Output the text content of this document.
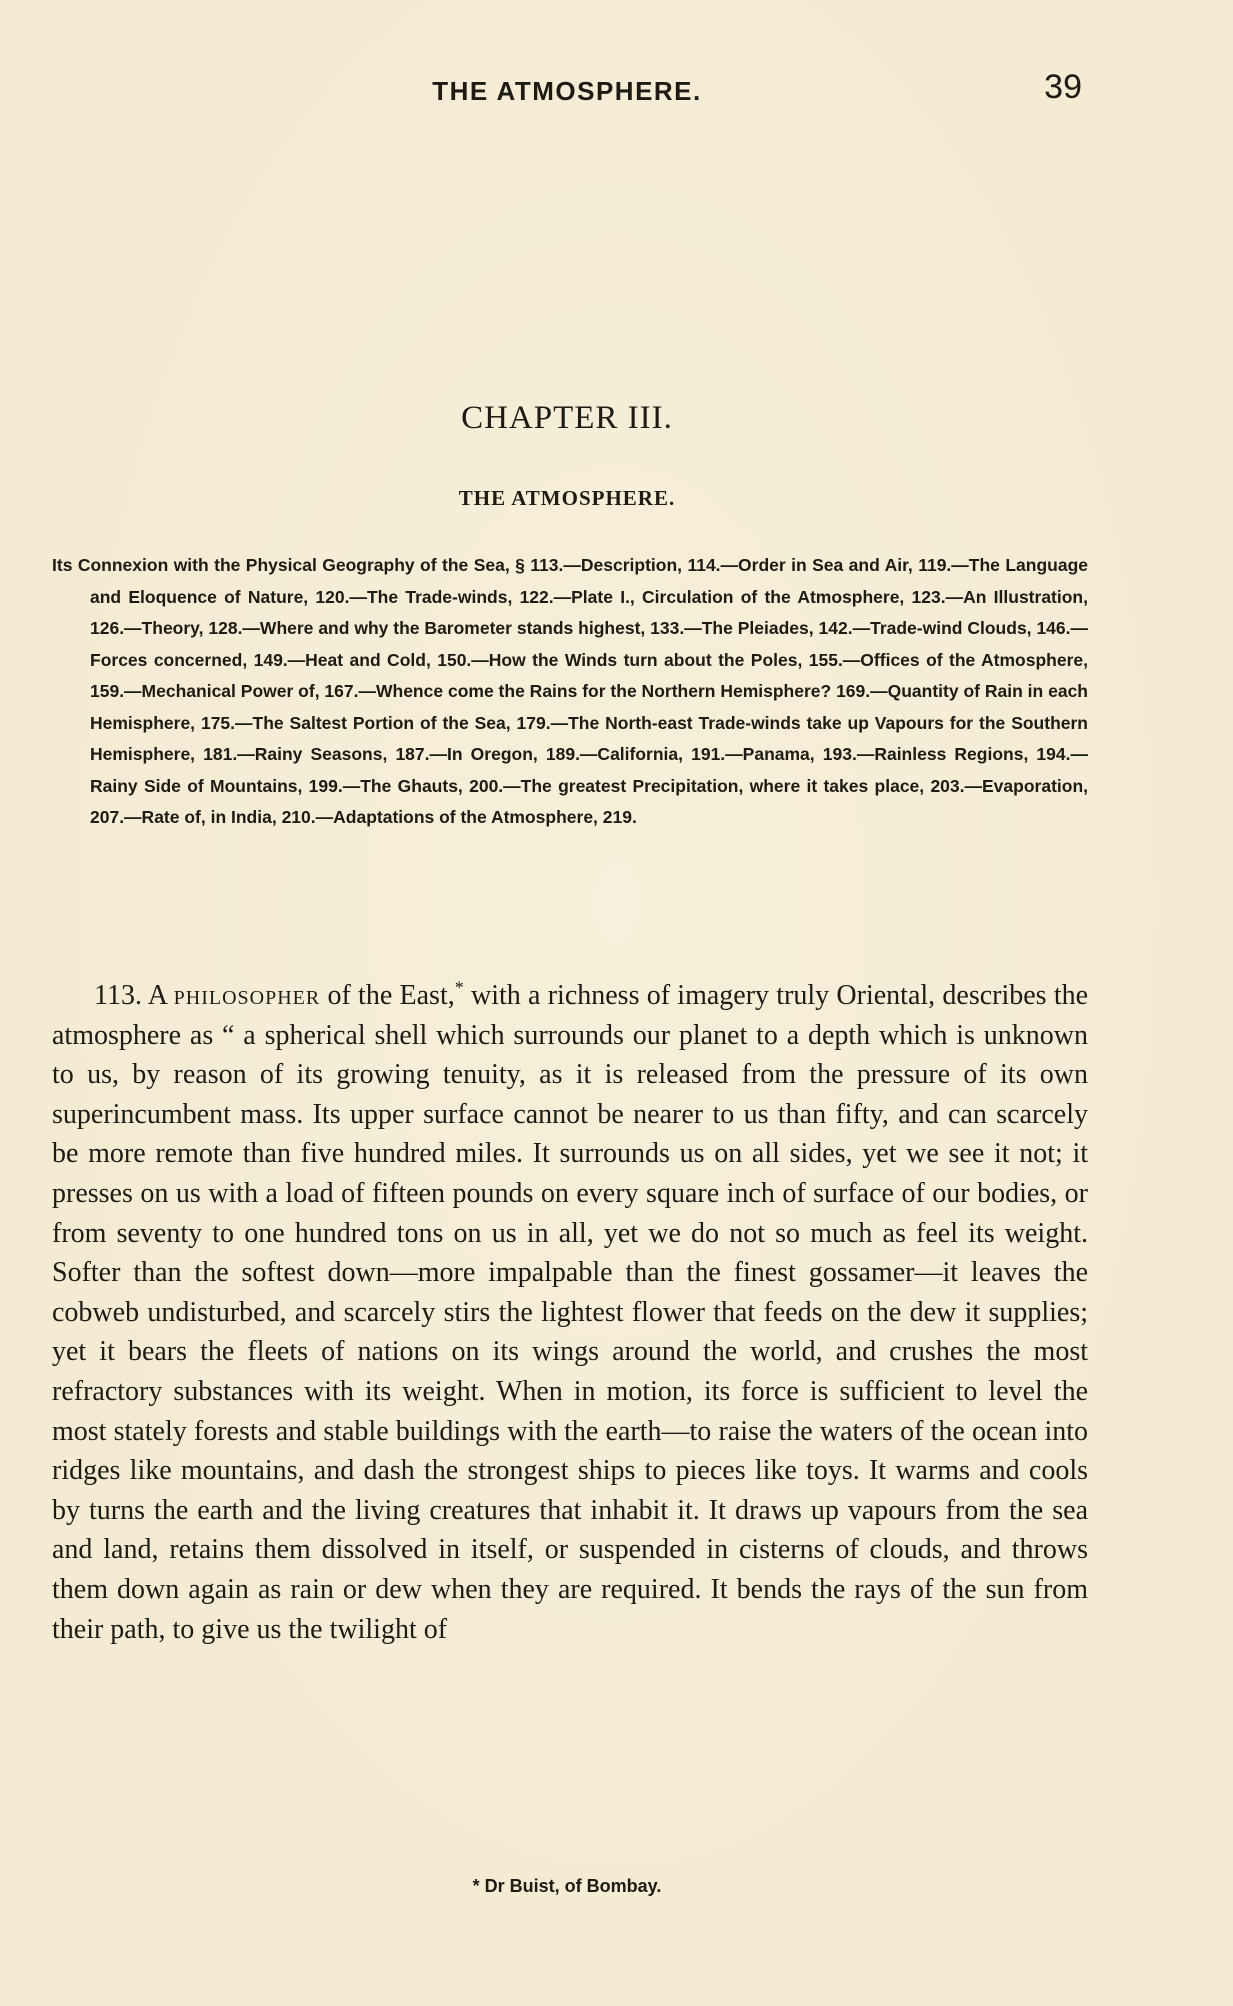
THE ATMOSPHERE.	39
CHAPTER III.
THE ATMOSPHERE.
Its Connexion with the Physical Geography of the Sea, § 113.—Description, 114.—Order in Sea and Air, 119.—The Language and Eloquence of Nature, 120.—The Trade-winds, 122.—Plate I., Circulation of the Atmosphere, 123.—An Illustration, 126.—Theory, 128.—Where and why the Barometer stands highest, 133.—The Pleiades, 142.—Trade-wind Clouds, 146.—Forces concerned, 149.—Heat and Cold, 150.—How the Winds turn about the Poles, 155.—Offices of the Atmosphere, 159.—Mechanical Power of, 167.—Whence come the Rains for the Northern Hemisphere? 169.—Quantity of Rain in each Hemisphere, 175.—The Saltest Portion of the Sea, 179.—The North-east Trade-winds take up Vapours for the Southern Hemisphere, 181.—Rainy Seasons, 187.—In Oregon, 189.—California, 191.—Panama, 193.—Rainless Regions, 194.—Rainy Side of Mountains, 199.—The Ghauts, 200.—The greatest Precipitation, where it takes place, 203.—Evaporation, 207.—Rate of, in India, 210.—Adaptations of the Atmosphere, 219.
113. A philosopher of the East,* with a richness of imagery truly Oriental, describes the atmosphere as “ a spherical shell which surrounds our planet to a depth which is unknown to us, by reason of its growing tenuity, as it is released from the pressure of its own superincumbent mass. Its upper surface cannot be nearer to us than fifty, and can scarcely be more remote than five hundred miles. It surrounds us on all sides, yet we see it not; it presses on us with a load of fifteen pounds on every square inch of surface of our bodies, or from seventy to one hundred tons on us in all, yet we do not so much as feel its weight. Softer than the softest down—more impalpable than the finest gossamer—it leaves the cobweb undisturbed, and scarcely stirs the lightest flower that feeds on the dew it supplies; yet it bears the fleets of nations on its wings around the world, and crushes the most refractory substances with its weight. When in motion, its force is sufficient to level the most stately forests and stable buildings with the earth—to raise the waters of the ocean into ridges like mountains, and dash the strongest ships to pieces like toys. It warms and cools by turns the earth and the living creatures that inhabit it. It draws up vapours from the sea and land, retains them dissolved in itself, or suspended in cisterns of clouds, and throws them down again as rain or dew when they are required. It bends the rays of the sun from their path, to give us the twilight of
* Dr Buist, of Bombay.
